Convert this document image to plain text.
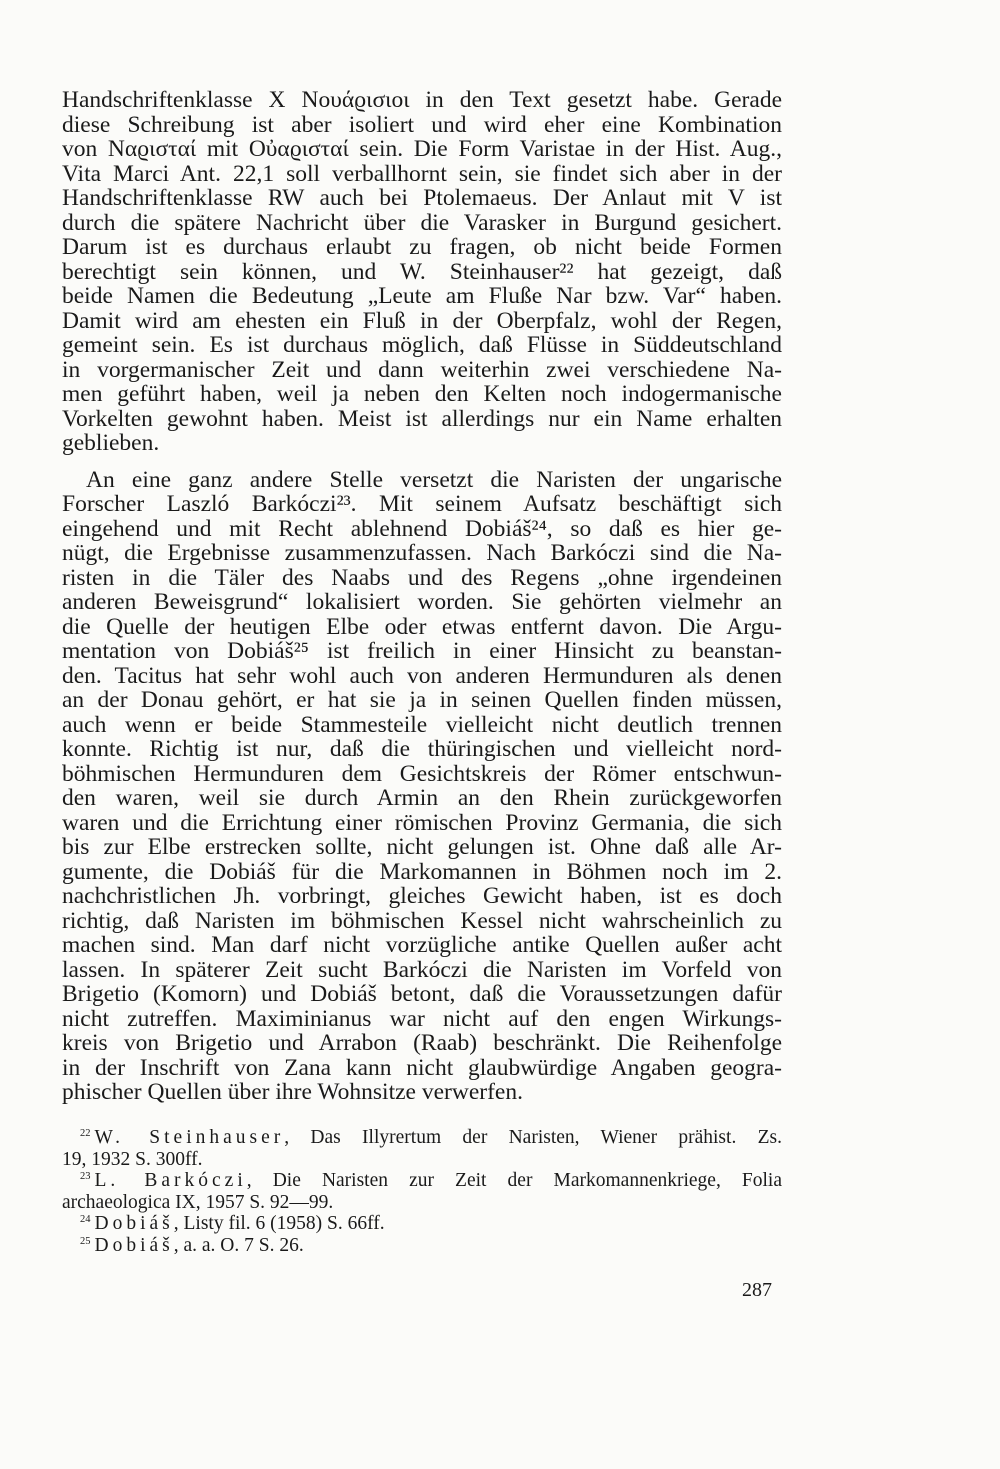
Handschriftenklasse X Νουάϱισιοι in den Text gesetzt habe. Gerade
diese Schreibung ist aber isoliert und wird eher eine Kombination
von Ναϱισταί mit Οὐαϱισταί sein. Die Form Varistae in der Hist. Aug.,
Vita Marci Ant. 22,1 soll verballhornt sein, sie findet sich aber in der
Handschriftenklasse RW auch bei Ptolemaeus. Der Anlaut mit V ist
durch die spätere Nachricht über die Varasker in Burgund gesichert.
Darum ist es durchaus erlaubt zu fragen, ob nicht beide Formen
berechtigt sein können, und W. Steinhauser²² hat gezeigt, daß
beide Namen die Bedeutung „Leute am Fluße Nar bzw. Var“ haben.
Damit wird am ehesten ein Fluß in der Oberpfalz, wohl der Regen,
gemeint sein. Es ist durchaus möglich, daß Flüsse in Süddeutschland
in vorgermanischer Zeit und dann weiterhin zwei verschiedene Na-
men geführt haben, weil ja neben den Kelten noch indogermanische
Vorkelten gewohnt haben. Meist ist allerdings nur ein Name erhalten
geblieben.
An eine ganz andere Stelle versetzt die Naristen der ungarische
Forscher Laszló Barkóczi²³. Mit seinem Aufsatz beschäftigt sich
eingehend und mit Recht ablehnend Dobiáš²⁴, so daß es hier ge-
nügt, die Ergebnisse zusammenzufassen. Nach Barkóczi sind die Na-
risten in die Täler des Naabs und des Regens „ohne irgendeinen
anderen Beweisgrund“ lokalisiert worden. Sie gehörten vielmehr an
die Quelle der heutigen Elbe oder etwas entfernt davon. Die Argu-
mentation von Dobiáš²⁵ ist freilich in einer Hinsicht zu beanstan-
den. Tacitus hat sehr wohl auch von anderen Hermunduren als denen
an der Donau gehört, er hat sie ja in seinen Quellen finden müssen,
auch wenn er beide Stammesteile vielleicht nicht deutlich trennen
konnte. Richtig ist nur, daß die thüringischen und vielleicht nord-
böhmischen Hermunduren dem Gesichtskreis der Römer entschwun-
den waren, weil sie durch Armin an den Rhein zurückgeworfen
waren und die Errichtung einer römischen Provinz Germania, die sich
bis zur Elbe erstrecken sollte, nicht gelungen ist. Ohne daß alle Ar-
gumente, die Dobiáš für die Markomannen in Böhmen noch im 2.
nachchristlichen Jh. vorbringt, gleiches Gewicht haben, ist es doch
richtig, daß Naristen im böhmischen Kessel nicht wahrscheinlich zu
machen sind. Man darf nicht vorzügliche antike Quellen außer acht
lassen. In späterer Zeit sucht Barkóczi die Naristen im Vorfeld von
Brigetio (Komorn) und Dobiáš betont, daß die Voraussetzungen dafür
nicht zutreffen. Maximinianus war nicht auf den engen Wirkungs-
kreis von Brigetio und Arrabon (Raab) beschränkt. Die Reihenfolge
in der Inschrift von Zana kann nicht glaubwürdige Angaben geogra-
phischer Quellen über ihre Wohnsitze verwerfen.
$^{22}$ W. Steinhauser, Das Illyrertum der Naristen, Wiener prähist. Zs.
19, 1932 S. 300ff.
$^{23}$ L. Barkóczi, Die Naristen zur Zeit der Markomannenkriege, Folia
archaeologica IX, 1957 S. 92—99.
$^{24}$ Dobiáš, Listy fil. 6 (1958) S. 66ff.
$^{25}$ Dobiáš, a. a. O. 7 S. 26.
287
